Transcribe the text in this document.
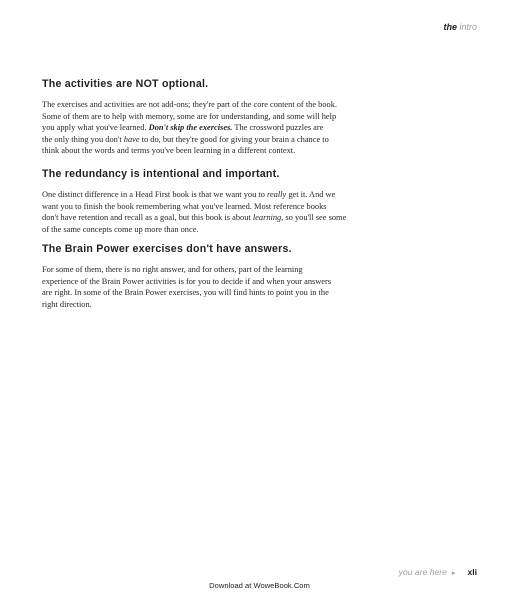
the intro
The activities are NOT optional.

The exercises and activities are not add-ons; they're part of the core content of the book.
Some of them are to help with memory, some are for understanding, and some will help
you apply what you've learned. Don't skip the exercises. The crossword puzzles are
the only thing you don't have to do, but they're good for giving your brain a chance to
think about the words and terms you've been learning in a different context.

The redundancy is intentional and important.

One distinct difference in a Head First book is that we want you to really get it. And we
want you to finish the book remembering what you've learned. Most reference books
don't have retention and recall as a goal, but this book is about learning, so you'll see some
of the same concepts come up more than once.

The Brain Power exercises don't have answers.

For some of them, there is no right answer, and for others, part of the learning
experience of the Brain Power activities is for you to decide if and when your answers
are right. In some of the Brain Power exercises, you will find hints to point you in the
right direction.

you are here ▸ xli
Download at WoweBook.Com
